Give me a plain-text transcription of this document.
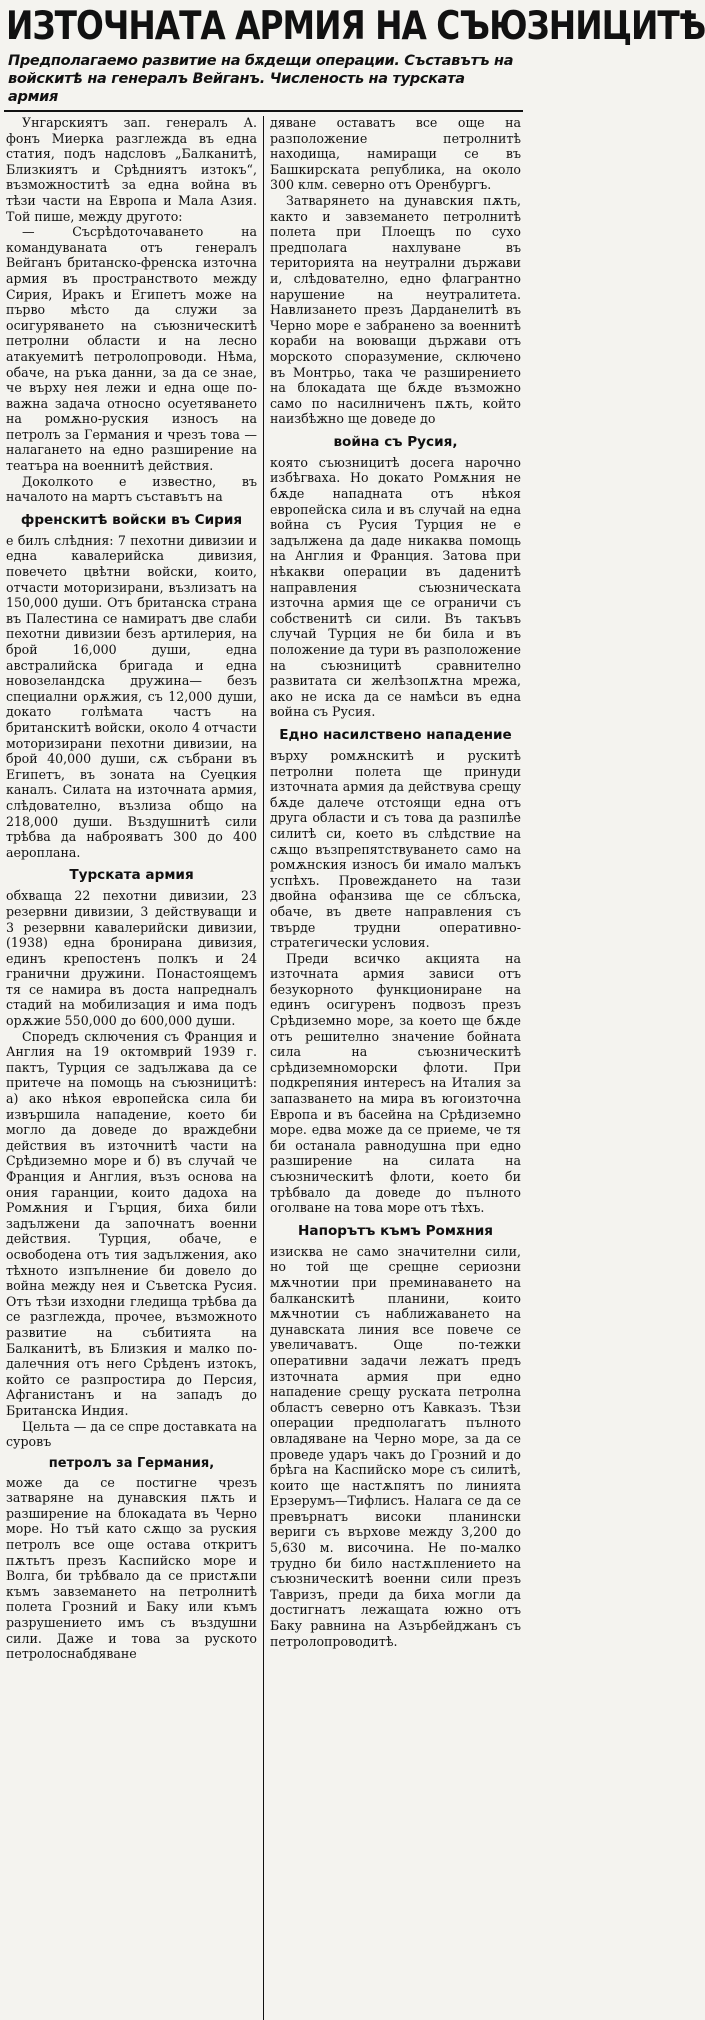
ИЗТОЧНАТА АРМИЯ НА СЪЮЗНИЦИТѢ
Предполагаемо развитие на бѫдещи операции. Съставътъ на войскитѣ на генералъ Вейганъ. Численость на турската армия

Унгарскиятъ зап. генералъ А. фонъ Миерка разглежда въ една статия, подъ надсловъ „Балканитѣ, Близкиятъ и Срѣдниятъ изтокъ“, възможноститѣ за една война въ тѣзи части на Европа и Мала Азия. Той пише, между другото:

— Съсрѣдоточаването на командуваната отъ генералъ Вейганъ британско-френска източна армия въ пространството между Сирия, Иракъ и Египетъ може на първо мѣсто да служи за осигуряването на съюзническитѣ петролни области и на лесно атакуемитѣ петролопроводи. Нѣма, обаче, на ръка данни, за да се знае, че върху нея лежи и една още по-важна задача относно осуетяването на ромѫно-руския износъ на петролъ за Германия и чрезъ това — налагането на едно разширение на театъра на военнитѣ действия.

Доколкото е известно, въ началото на мартъ съставътъ на

френскитѣ войски въ Сирия

е билъ слѣдния: 7 пехотни дивизии и една кавалерийска дивизия, повечето цвѣтни войски, които, отчасти моторизирани, възлизатъ на 150,000 души. Отъ британска страна въ Палестина се намиратъ две слаби пехотни дивизии безъ артилерия, на брой 16,000 души, една австралийска бригада и една новозеландска дружина— безъ специални орѫжия, съ 12,000 души, докато голѣмата частъ на британскитѣ войски, около 4 отчасти моторизирани пехотни дивизии, на брой 40,000 души, сѫ събрани въ Египетъ, въ зоната на Суецкия каналъ. Силата на източната армия, слѣдователно, възлиза общо на 218,000 души. Въздушнитѣ сили трѣбва да наброяватъ 300 до 400 аероплана.

Турската армия

обхваща 22 пехотни дивизии, 23 резервни дивизии, 3 действуващи и 3 резервни кавалерийски дивизии, (1938) една бронирана дивизия, единъ крепостенъ полкъ и 24 гранични дружини. Понастоящемъ тя се намира въ доста напредналъ стадий на мобилизация и има подъ орѫжие 550,000 до 600,000 души.

Споредъ сключения съ Франция и Англия на 19 октомврий 1939 г. пактъ, Турция се задължава да се притече на помощь на съюзницитѣ: а) ако нѣкоя европейска сила би извършила нападение, което би могло да доведе до враждебни действия въ източнитѣ части на Срѣдиземно море и б) въ случай че Франция и Англия, възъ основа на ония гаранции, които дадоха на Ромѫния и Гърция, биха били задължени да започнатъ военни действия. Турция, обаче, е освободена отъ тия задължения, ако тѣхното изпълнение би довело до война между нея и Съветска Русия. Отъ тѣзи изходни гледища трѣбва да се разглежда, прочее, възможното развитие на събитията на Балканитѣ, въ Близкия и малко по-далечния отъ него Срѣденъ изтокъ, който се разпростира до Персия, Афганистанъ и на западъ до Британска Индия.

Цельта — да се спре доставката на суровъ

петролъ за Германия,

може да се постигне чрезъ затваряне на дунавския пѫть и разширение на блокадата въ Черно море. Но тъй като сѫщо за руския петролъ все още остава откритъ пѫтьтъ презъ Каспийско море и Волга, би трѣбвало да се пристѫпи къмъ завземането на петролнитѣ полета Грозний и Баку или къмъ разрушението имъ съ въздушни сили. Даже и това за руското петролоснабдяване

дяване оставатъ все още на разположение петролнитѣ находища, намиращи се въ Башкирската република, на около 300 клм. северно отъ Оренбургъ.

Затварянето на дунавския пѫть, както и завземането петролнитѣ полета при Плоещъ по сухо предполага нахлуване въ територията на неутрални държави и, слѣдователно, едно флагрантно нарушение на неутралитета. Навлизането презъ Дарданелитѣ въ Черно море е забранено за военнитѣ кораби на воюващи държави отъ морското споразумение, сключено въ Монтрьо, така че разширението на блокадата ще бѫде възможно само по насилниченъ пѫть, който наизбѣжно ще доведе до

война съ Русия,

която съюзницитѣ досега нарочно избѣгваха. Но докато Ромѫния не бѫде нападната отъ нѣкоя европейска сила и въ случай на една война съ Русия Турция не е задължена да даде никаква помощь на Англия и Франция. Затова при нѣкакви операции въ даденитѣ направления съюзническата източна армия ще се ограничи съ собственитѣ си сили. Въ такъвъ случай Турция не би била и въ положение да тури въ разположение на съюзницитѣ сравнително развитата си желѣзопѫтна мрежа, ако не иска да се намѣси въ една война съ Русия.

Едно насилствено нападение

върху ромѫнскитѣ и рускитѣ петролни полета ще принуди източната армия да действува срещу бѫде далече отстоящи една отъ друга области и съ това да разпилѣе силитѣ си, което въ слѣдствие на сѫщо възпрепятствуването само на ромѫнския износъ би имало малъкъ успѣхъ. Провеждането на тази двойна офанзива ще се сблъска, обаче, въ двете направления съ твърде трудни оперативно-стратегически условия.

Преди всичко акцията на източната армия зависи отъ безукорното функциониране на единъ осигуренъ подвозъ презъ Срѣдиземно море, за което ще бѫде отъ решително значение бойната сила на съюзническитѣ срѣдиземноморски флоти. При подкрепяния интересъ на Италия за запазването на мира въ югоизточна Европа и въ басейна на Срѣдиземно море. едва може да се приеме, че тя би останала равнодушна при едно разширение на силата на съюзническитѣ флоти, което би трѣбвало да доведе до пълното оголване на това море отъ тѣхъ.

Напорътъ къмъ Ромѫния

изисква не само значителни сили, но той ще срещне сериозни мѫчнотии при преминаването на балканскитѣ планини, които мѫчнотии съ наближаването на дунавската линия все повече се увеличаватъ. Още по-тежки оперативни задачи лежатъ предъ източната армия при едно нападение срещу руската петролна областъ северно отъ Кавказъ. Тѣзи операции предполагатъ пълното овладяване на Черно море, за да се проведе ударъ чакъ до Грозний и до брѣга на Каспийско море съ силитѣ, които ще настѫпятъ по линията Ерзерумъ—Тифлисъ. Налага се да се превърнатъ високи планински вериги съ върхове между 3,200 до 5,630 м. височина. Не по-малко трудно би било настѫплението на съюзническитѣ военни сили презъ Тавризъ, преди да биха могли да достигнатъ лежащата южно отъ Баку равнина на Азърбейджанъ съ петролопроводитѣ.
